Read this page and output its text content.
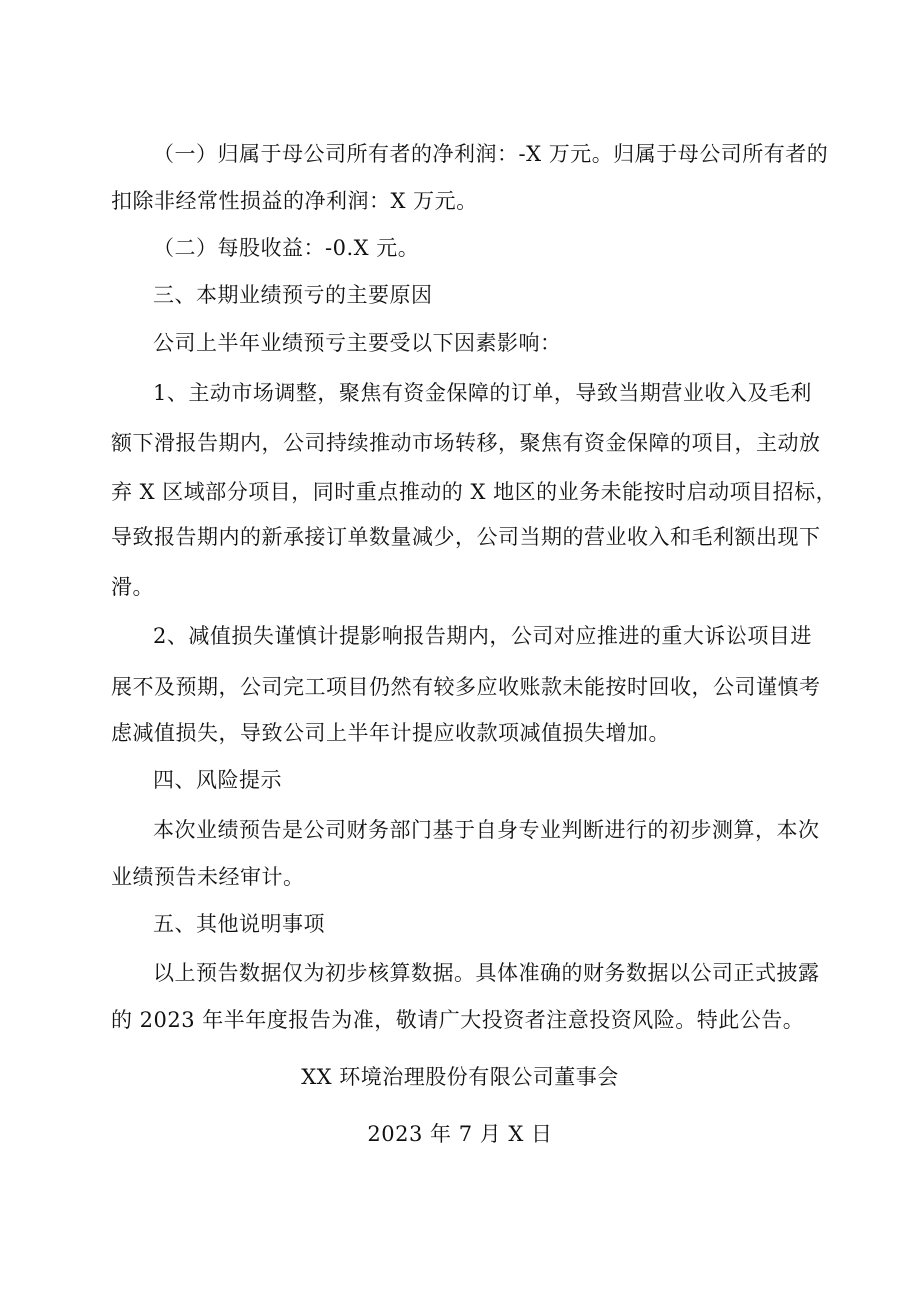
（一）归属于母公司所有者的净利润：-X 万元。归属于母公司所有者的
扣除非经常性损益的净利润：X 万元。
（二）每股收益：-0.X 元。
三、本期业绩预亏的主要原因
公司上半年业绩预亏主要受以下因素影响：
1、主动市场调整，聚焦有资金保障的订单，导致当期营业收入及毛利
额下滑报告期内，公司持续推动市场转移，聚焦有资金保障的项目，主动放
弃 X 区域部分项目，同时重点推动的 X 地区的业务未能按时启动项目招标，
导致报告期内的新承接订单数量减少，公司当期的营业收入和毛利额出现下
滑。
2、减值损失谨慎计提影响报告期内，公司对应推进的重大诉讼项目进
展不及预期，公司完工项目仍然有较多应收账款未能按时回收，公司谨慎考
虑减值损失，导致公司上半年计提应收款项减值损失增加。
四、风险提示
本次业绩预告是公司财务部门基于自身专业判断进行的初步测算，本次
业绩预告未经审计。
五、其他说明事项
以上预告数据仅为初步核算数据。具体准确的财务数据以公司正式披露
的 2023 年半年度报告为准，敬请广大投资者注意投资风险。特此公告。
XX 环境治理股份有限公司董事会
2023 年 7 月 X 日
